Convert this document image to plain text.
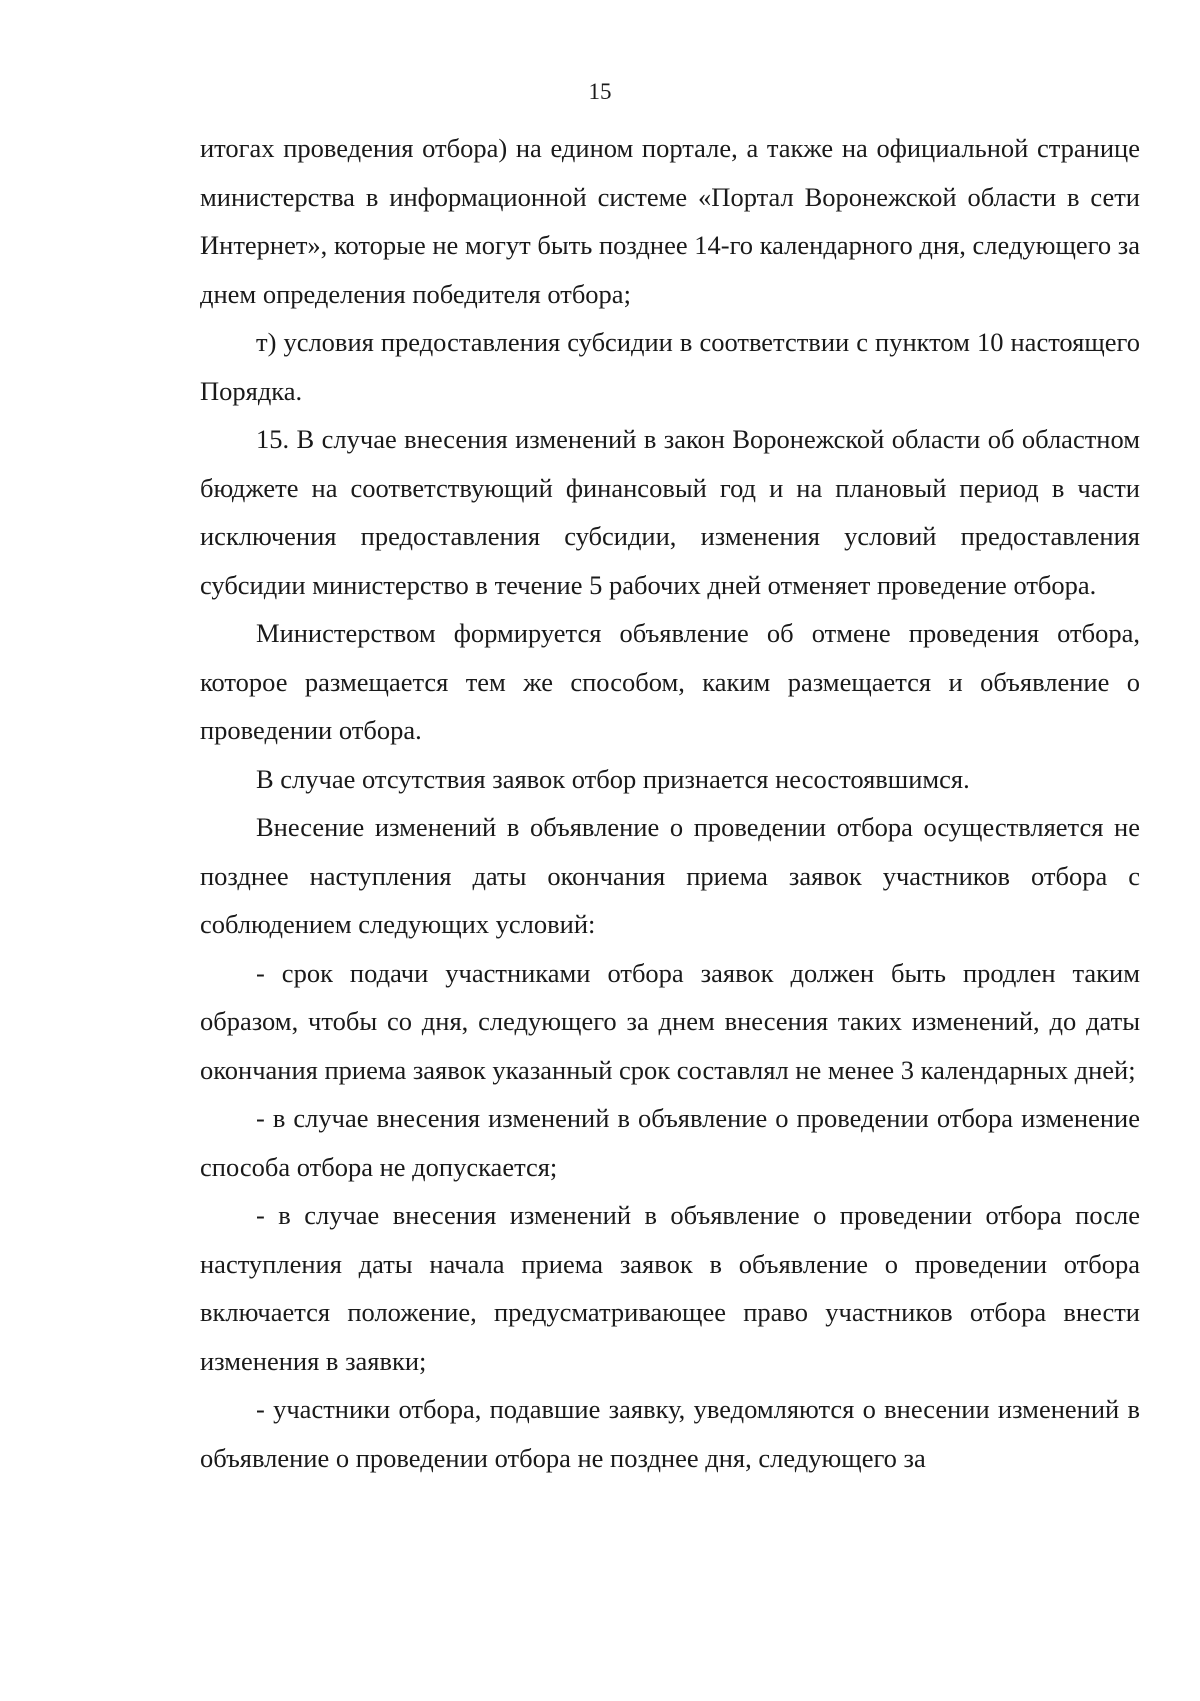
15

итогах проведения отбора) на едином портале, а также на официальной странице министерства в информационной системе «Портал Воронежской области в сети Интернет», которые не могут быть позднее 14-го календарного дня, следующего за днем определения победителя отбора;

т) условия предоставления субсидии в соответствии с пунктом 10 настоящего Порядка.

15. В случае внесения изменений в закон Воронежской области об областном бюджете на соответствующий финансовый год и на плановый период в части исключения предоставления субсидии, изменения условий предоставления субсидии министерство в течение 5 рабочих дней отменяет проведение отбора.

Министерством формируется объявление об отмене проведения отбора, которое размещается тем же способом, каким размещается и объявление о проведении отбора.

В случае отсутствия заявок отбор признается несостоявшимся.

Внесение изменений в объявление о проведении отбора осуществляется не позднее наступления даты окончания приема заявок участников отбора с соблюдением следующих условий:

- срок подачи участниками отбора заявок должен быть продлен таким образом, чтобы со дня, следующего за днем внесения таких изменений, до даты окончания приема заявок указанный срок составлял не менее 3 календарных дней;

- в случае внесения изменений в объявление о проведении отбора изменение способа отбора не допускается;

- в случае внесения изменений в объявление о проведении отбора после наступления даты начала приема заявок в объявление о проведении отбора включается положение, предусматривающее право участников отбора внести изменения в заявки;

- участники отбора, подавшие заявку, уведомляются о внесении изменений в объявление о проведении отбора не позднее дня, следующего за
